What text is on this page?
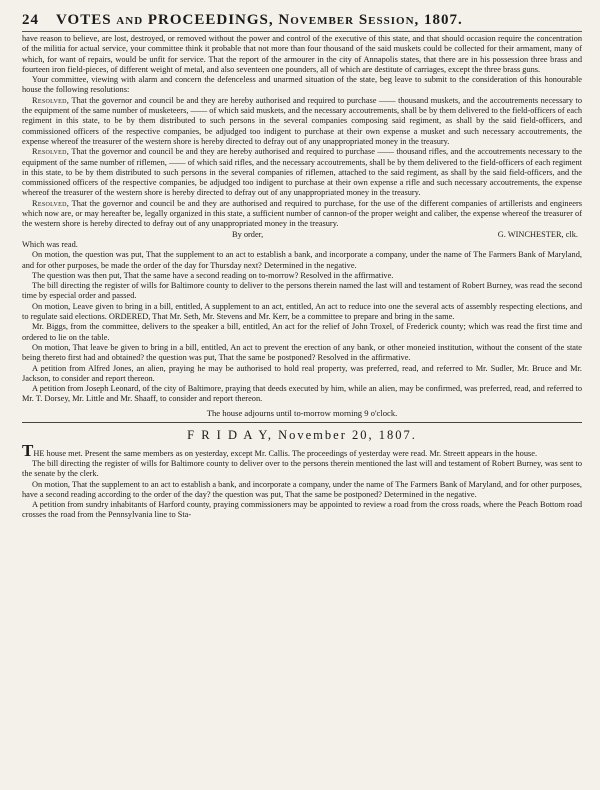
24	VOTES and PROCEEDINGS, November Session, 1807.

have reason to believe, are lost, destroyed, or removed without the power and control of the executive of this state, and that should occasion require the concentration of the militia for actual service, your committee think it probable that not more than four thousand of the said muskets could be collected for their armament, many of which, for want of repairs, would be unfit for service. That the report of the armourer in the city of Annapolis states, that there are in his possession three brass and fourteen iron field-pieces, of different weight of metal, and also seventeen one pounders, all of which are destitute of carriages, except the three brass guns.

Your committee, viewing with alarm and concern the defenceless and unarmed situation of the state, beg leave to submit to the consideration of this honourable house the following resolutions:

Resolved, That the governor and council be and they are hereby authorised and required to purchase —— thousand muskets, and the accoutrements necessary to the equipment of the same number of musketeers, —— of which said muskets, and the necessary accoutrements, shall be by them delivered to the field-officers of each regiment in this state, to be by them distributed to such persons in the several companies composing said regiment, as shall by the said field-officers, and commissioned officers of the respective companies, be adjudged too indigent to purchase at their own expense a musket and such necessary accoutrements, the expense whereof the treasurer of the western shore is hereby directed to defray out of any unappropriated money in the treasury.

Resolved, That the governor and council be and they are hereby authorised and required to purchase —— thousand rifles, and the accoutrements necessary to the equipment of the same number of riflemen, —— of which said rifles, and the necessary accoutrements, shall be by them delivered to the field-officers of each regiment in this state, to be by them distributed to such persons in the several companies of riflemen, attached to the said regiment, as shall by the said field-officers, and the commissioned officers of the respective companies, be adjudged too indigent to purchase at their own expense a rifle and such necessary accoutrements, the expense whereof the treasurer of the western shore is hereby directed to defray out of any unappropriated money in the treasury.

Resolved, That the governor and council be and they are authorised and required to purchase, for the use of the different companies of artillerists and engineers which now are, or may hereafter be, legally organized in this state, a sufficient number of cannon-of the proper weight and caliber, the expense whereof the treasurer of the western shore is hereby directed to defray out of any unappropriated money in the treasury.

By order,	G. WINCHESTER, clk.

Which was read.

On motion, the question was put, That the supplement to an act to establish a bank, and incorporate a company, under the name of The Farmers Bank of Maryland, and for other purposes, be made the order of the day for Thursday next? Determined in the negative.

The question was then put, That the same have a second reading on to-morrow? Resolved in the affirmative.

The bill directing the register of wills for Baltimore county to deliver to the persons therein named the last will and testament of Robert Burney, was read the second time by especial order and passed.

On motion, Leave given to bring in a bill, entitled, A supplement to an act, entitled, An act to reduce into one the several acts of assembly respecting elections, and to regulate said elections. ORDERED, That Mr. Seth, Mr. Stevens and Mr. Kerr, be a committee to prepare and bring in the same.

Mr. Biggs, from the committee, delivers to the speaker a bill, entitled, An act for the relief of John Troxel, of Frederick county; which was read the first time and ordered to lie on the table.

On motion, That leave be given to bring in a bill, entitled, An act to prevent the erection of any bank, or other moneied institution, without the consent of the state being thereto first had and obtained? the question was put, That the same be postponed? Resolved in the affirmative.

A petition from Alfred Jones, an alien, praying he may be authorised to hold real property, was preferred, read, and referred to Mr. Sudler, Mr. Bruce and Mr. Jackson, to consider and report thereon.

A petition from Joseph Leonard, of the city of Baltimore, praying that deeds executed by him, while an alien, may be confirmed, was preferred, read, and referred to Mr. T. Dorsey, Mr. Little and Mr. Shaaff, to consider and report thereon.

The house adjourns until to-morrow morning 9 o'clock.
F R I D A Y, November 20, 1807.

THE house met. Present the same members as on yesterday, except Mr. Callis. The proceedings of yesterday were read. Mr. Streett appears in the house.

The bill directing the register of wills for Baltimore county to deliver over to the persons therein mentioned the last will and testament of Robert Burney, was sent to the senate by the clerk.

On motion, That the supplement to an act to establish a bank, and incorporate a company, under the name of The Farmers Bank of Maryland, and for other purposes, have a second reading according to the order of the day? the question was put, That the same be postponed? Determined in the negative.

A petition from sundry inhabitants of Harford county, praying commissioners may be appointed to review a road from the cross roads, where the Peach Bottom road crosses the road from the Pennsylvania line to Sta-
